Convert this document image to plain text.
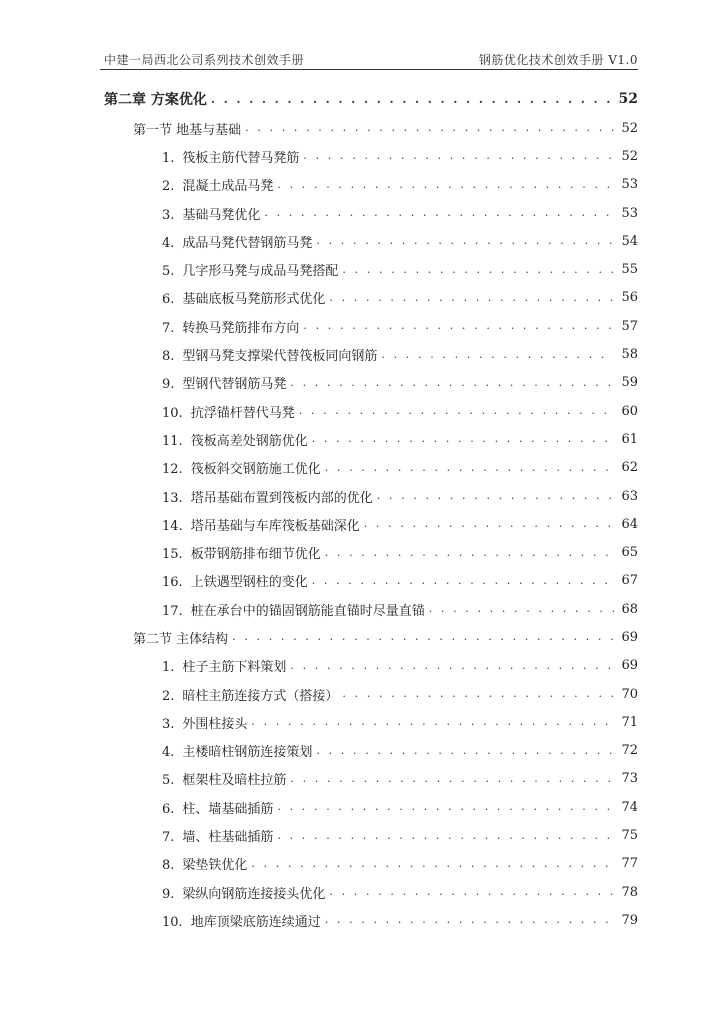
中建一局西北公司系列技术创效手册	钢筋优化技术创效手册 V1.0
第二章 方案优化 . . .	52
第一节 地基与基础 . . .	52
1. 筏板主筋代替马凳筋 . . .	52
2. 混凝土成品马凳 . . .	53
3. 基础马凳优化 . . .	53
4. 成品马凳代替钢筋马凳 . . .	54
5. 几字形马凳与成品马凳搭配 . . .	55
6. 基础底板马凳筋形式优化 . . .	56
7. 转换马凳筋排布方向 . . .	57
8. 型钢马凳支撑梁代替筏板同向钢筋 . . .	58
9. 型钢代替钢筋马凳 . . .	59
10. 抗浮锚杆替代马凳 . . .	60
11. 筏板高差处钢筋优化 . . .	61
12. 筏板斜交钢筋施工优化 . . .	62
13. 塔吊基础布置到筏板内部的优化 . . .	63
14. 塔吊基础与车库筏板基础深化 . . .	64
15. 板带钢筋排布细节优化 . . .	65
16. 上铁遇型钢柱的变化 . . .	67
17. 桩在承台中的锚固钢筋能直锚时尽量直锚 . . .	68
第二节 主体结构 . . .	69
1. 柱子主筋下料策划 . . .	69
2. 暗柱主筋连接方式（搭接） . . .	70
3. 外围柱接头 . . .	71
4. 主楼暗柱钢筋连接策划 . . .	72
5. 框架柱及暗柱拉筋 . . .	73
6. 柱、墙基础插筋 . . .	74
7. 墙、柱基础插筋 . . .	75
8. 梁垫铁优化 . . .	77
9. 梁纵向钢筋连接接头优化 . . .	78
10. 地库顶梁底筋连续通过 . . .	79
